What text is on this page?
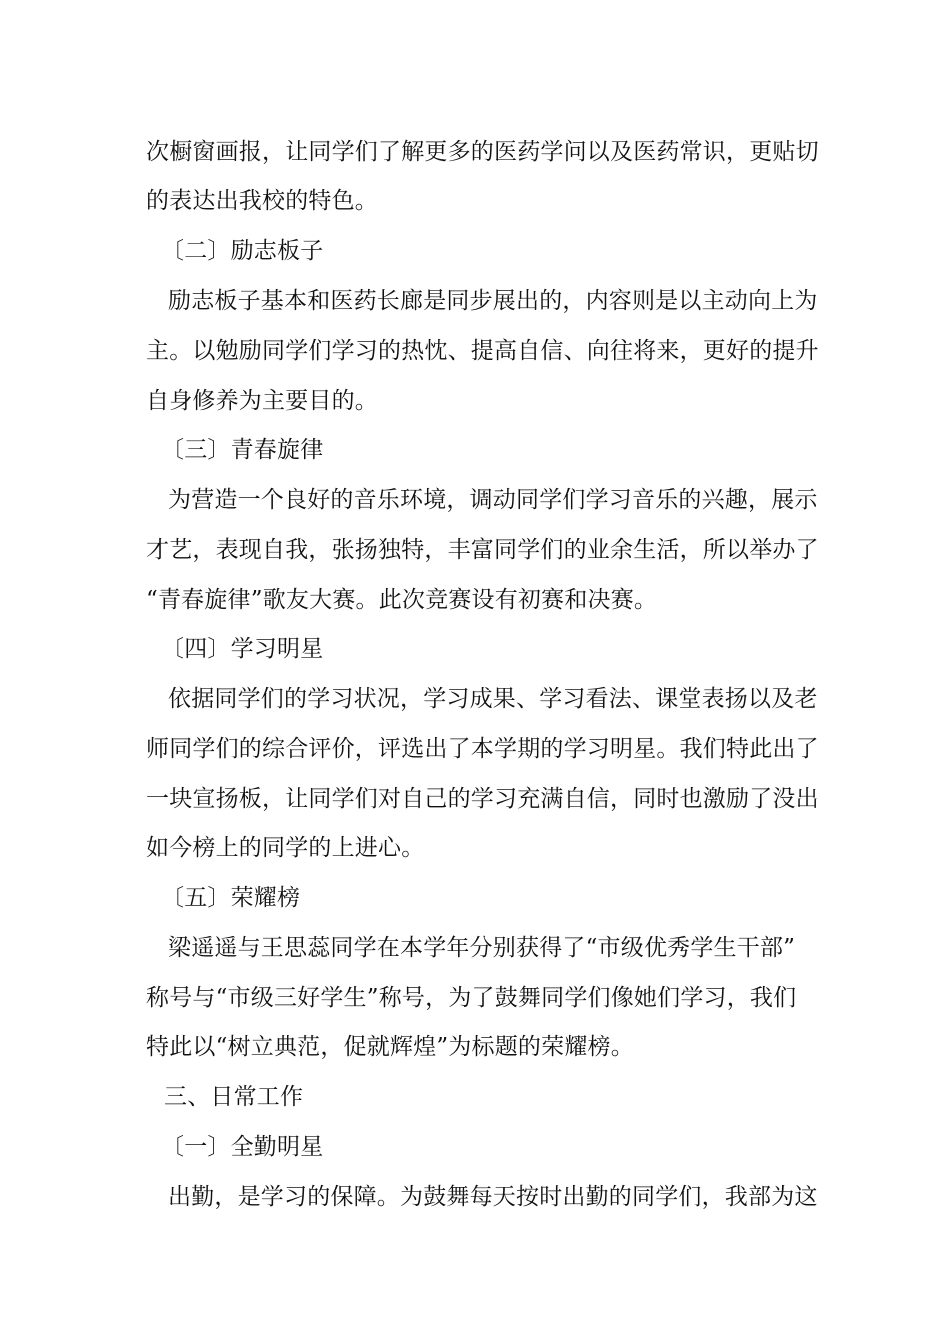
次橱窗画报，让同学们了解更多的医药学问以及医药常识，更贴切
的表达出我校的特色。
〔二〕励志板子
励志板子基本和医药长廊是同步展出的，内容则是以主动向上为
主。以勉励同学们学习的热忱、提高自信、向往将来，更好的提升
自身修养为主要目的。
〔三〕青春旋律
为营造一个良好的音乐环境，调动同学们学习音乐的兴趣，展示
才艺，表现自我，张扬独特，丰富同学们的业余生活，所以举办了
“青春旋律”歌友大赛。此次竞赛设有初赛和决赛。
〔四〕学习明星
依据同学们的学习状况，学习成果、学习看法、课堂表扬以及老
师同学们的综合评价，评选出了本学期的学习明星。我们特此出了
一块宣扬板，让同学们对自己的学习充满自信，同时也激励了没出
如今榜上的同学的上进心。
〔五〕荣耀榜
梁遥遥与王思蕊同学在本学年分别获得了“市级优秀学生干部”
称号与“市级三好学生”称号，为了鼓舞同学们像她们学习，我们
特此以“树立典范，促就辉煌”为标题的荣耀榜。
三、日常工作
〔一〕全勤明星
出勤，是学习的保障。为鼓舞每天按时出勤的同学们，我部为这
